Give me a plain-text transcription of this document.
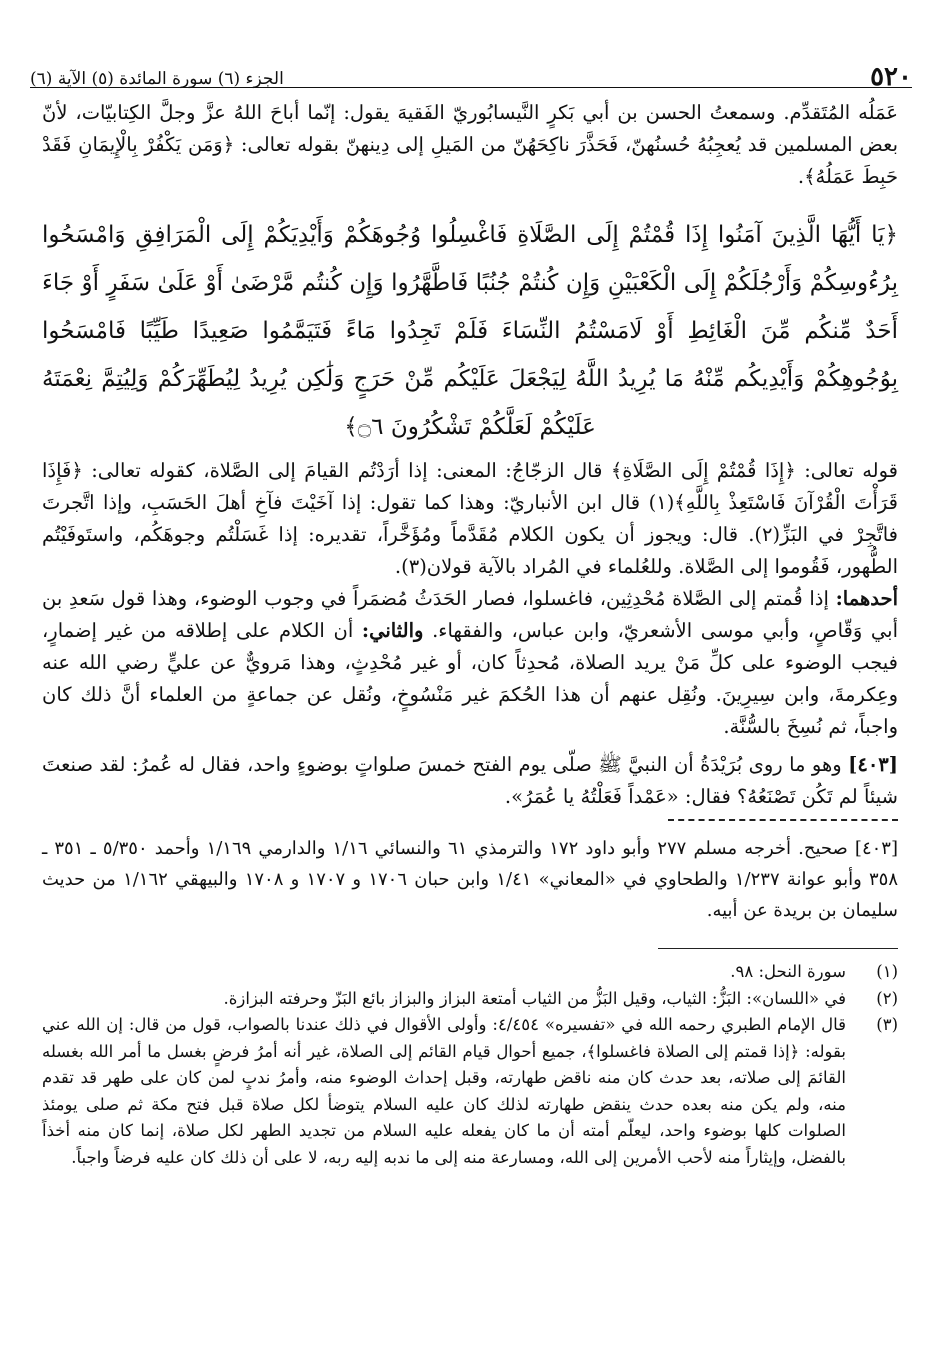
٥٢٠
الجزء (٦) سورة المائدة (٥) الآية (٦)

عَمَلُه المُتَقدِّم. وسمعتُ الحسن بن أبي بَكرٍ النَّيسابُوريّ الفَقيهَ يقول: إنّما أباحَ اللهُ عزَّ وجلَّ الكِتابيّات، لأنّ بعض المسلمين قد يُعجِبُهُ حُسنُهنّ، فَحَذَّرَ ناكِحَهُنّ من المَيلِ إلى دِينهنّ بقوله تعالى: ﴿وَمَن يَكْفُرْ بِالْإِيمَانِ فَقَدْ حَبِطَ عَمَلُهُ﴾.

﴿يَا أَيُّهَا الَّذِينَ آمَنُوا إِذَا قُمْتُمْ إِلَى الصَّلَاةِ فَاغْسِلُوا وُجُوهَكُمْ وَأَيْدِيَكُمْ إِلَى الْمَرَافِقِ وَامْسَحُوا بِرُءُوسِكُمْ وَأَرْجُلَكُمْ إِلَى الْكَعْبَيْنِ وَإِن كُنتُمْ جُنُبًا فَاطَّهَّرُوا وَإِن كُنتُم مَّرْضَىٰ أَوْ عَلَىٰ سَفَرٍ أَوْ جَاءَ أَحَدٌ مِّنكُم مِّنَ الْغَائِطِ أَوْ لَامَسْتُمُ النِّسَاءَ فَلَمْ تَجِدُوا مَاءً فَتَيَمَّمُوا صَعِيدًا طَيِّبًا فَامْسَحُوا بِوُجُوهِكُمْ وَأَيْدِيكُم مِّنْهُ مَا يُرِيدُ اللَّهُ لِيَجْعَلَ عَلَيْكُم مِّنْ حَرَجٍ وَلَٰكِن يُرِيدُ لِيُطَهِّرَكُمْ وَلِيُتِمَّ نِعْمَتَهُ عَلَيْكُمْ لَعَلَّكُمْ تَشْكُرُونَ ۝٦﴾

قوله تعالى: ﴿إِذَا قُمْتُمْ إِلَى الصَّلَاةِ﴾ قال الزجّاجُ: المعنى: إذا أرَدْتُم القيامَ إلى الصَّلاة، كقوله تعالى: ﴿فَإِذَا قَرَأْتَ الْقُرْآنَ فَاسْتَعِذْ بِاللَّهِ﴾(١) قال ابن الأنباريّ: وهذا كما تقول: إذا آخَيْتَ فآخِ أهلَ الحَسَبِ، وإذا اتَّجرتَ فاتَّجِرْ في البَزِّ(٢). قال: ويجوز أن يكون الكلام مُقَدَّماً ومُؤَخَّراً، تقديره: إذا غَسَلْتُم وجوهَكُم، واستَوفَيْتُم الطُّهور، فَقُوموا إلى الصَّلاة. وللعُلماء في المُراد بالآية قولان(٣).

أحدهما: إذا قُمتم إلى الصَّلاة مُحْدِثِين، فاغسلوا، فصار الحَدَثُ مُضمَراً في وجوب الوضوء، وهذا قول سَعدِ بن أبي وَقّاصٍ، وأبي موسى الأشعريّ، وابن عباس، والفقهاء. والثاني: أن الكلام على إطلاقه من غير إضمارٍ، فيجب الوضوء على كلِّ مَنْ يريد الصلاة، مُحدِثاً كان، أو غير مُحْدِثٍ، وهذا مَرويٌّ عن عليٍّ رضي الله عنه وعِكرمةَ، وابن سِيرِينَ. ونُقِل عنهم أن هذا الحُكمَ غير مَنْسُوخٍ، ونُقل عن جماعةٍ من العلماء أنَّ ذلك كان واجباً، ثم نُسِخَ بالسُّنَّة.

[٤٠٣] وهو ما روى بُرَيْدَةُ أن النبيَّ ﷺ صلّى يوم الفتح خمسَ صلواتٍ بوضوءٍ واحد، فقال له عُمرُ: لقد صنعتَ شيئاً لم تَكُن تَصْنَعُهُ؟ فقال: «عَمْداً فَعَلْتُهُ يا عُمَرُ».

[٤٠٣] صحيح. أخرجه مسلم ٢٧٧ وأبو داود ١٧٢ والترمذي ٦١ والنسائي ١/١٦ والدارمي ١/١٦٩ وأحمد ٥/٣٥٠ ـ ٣٥١ ـ ٣٥٨ وأبو عوانة ١/٢٣٧ والطحاوي في «المعاني» ١/٤١ وابن حبان ١٧٠٦ و ١٧٠٧ و ١٧٠٨ والبيهقي ١/١٦٢ من حديث سليمان بن بريدة عن أبيه.

(١)
سورة النحل: ٩٨.
(٢)
في «اللسان»: البَزُّ: الثياب، وقيل البَزُّ من الثياب أمتعة البزاز والبزاز بائع البَزّ وحرفته البزازة.
(٣)
قال الإمام الطبري رحمه الله في «تفسيره» ٤/٤٥٤: وأولى الأقوال في ذلك عندنا بالصواب، قول من قال: إن الله عني بقوله: ﴿إذا قمتم إلى الصلاة فاغسلوا﴾، جميع أحوال قيام القائم إلى الصلاة، غير أنه أمرُ فرضٍ بغسل ما أمر الله بغسله القائمَ إلى صلاته، بعد حدث كان منه ناقض طهارته، وقبل إحداث الوضوء منه، وأمرُ ندبٍ لمن كان على طهر قد تقدم منه، ولم يكن منه بعده حدث ينقض طهارته لذلك كان عليه السلام يتوضأ لكل صلاة قبل فتح مكة ثم صلى يومئذ الصلوات كلها بوضوء واحد، ليعلّم أمته أن ما كان يفعله عليه السلام من تجديد الطهر لكل صلاة، إنما كان منه أخذاً بالفضل، وإيثاراً منه لأحب الأمرين إلى الله، ومسارعة منه إلى ما ندبه إليه ربه، لا على أن ذلك كان عليه فرضاً واجباً.
